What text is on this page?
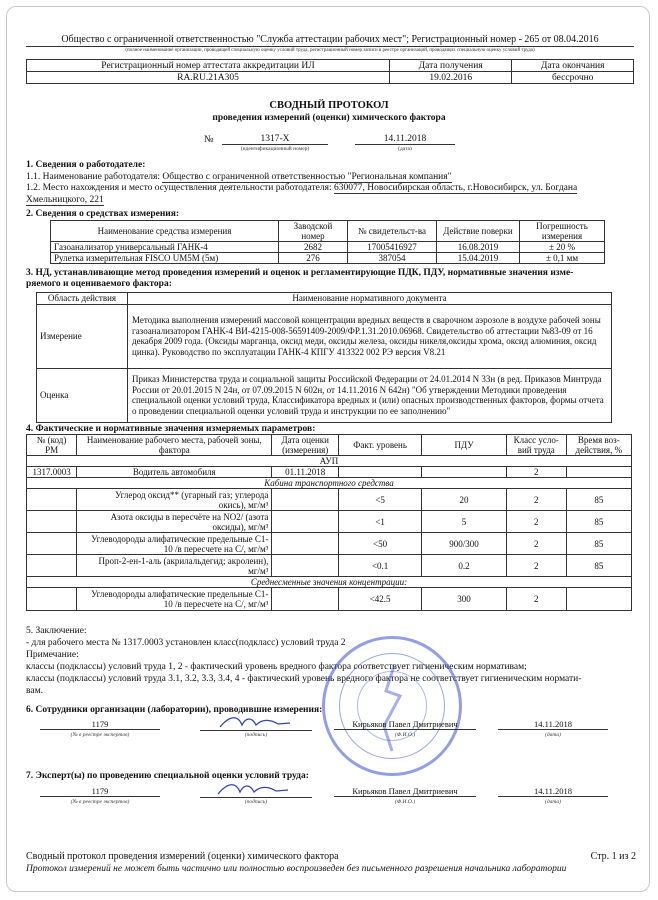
Общество с ограниченной ответственностью "Служба аттестации рабочих мест"; Регистрационный номер - 265 от 08.04.2016
(полное наименование организации, проводящей специальную оценку условий труда, регистрационный номер записи в реестре организаций, проводящих специальную оценку условий труда)
Регистрационный номер аттестата аккредитации ИЛ	Дата получения	Дата окончания
RA.RU.21А305	19.02.2016	бессрочно
СВОДНЫЙ ПРОТОКОЛ
проведения измерений (оценки) химического фактора
№	1317-Х
(идентификационный номер)
14.11.2018
(дата)
1. Сведения о работодателе:
1.1. Наименование работодателя: Общество с ограниченной ответственностью "Региональная компания"
1.2. Место нахождения и место осуществления деятельности работодателя: 630077, Новосибирская область, г.Новосибирск, ул. Богдана
Хмельницкого, 221
2. Сведения о средствах измерения:
Наименование средства измерения	Заводской номер	№ свидетельст-ва	Действие поверки	Погрешность измерения
Газоанализатор универсальный ГАНК-4	2682	17005416927	16.08.2019	± 20 %
Рулетка измерительная FISCO UM5M (5м)	276	387054	15.04.2019	± 0,1 мм
3. НД, устанавливающие метод проведения измерений и оценок и регламентирующие ПДК, ПДУ, нормативные значения изме-
ряемого и оцениваемого фактора:
Область действия	Наименование нормативного документа
Измерение	Методика выполнения измерений массовой концентрации вредных веществ в сварочном аэрозоле в воздухе рабочей зоны газоанализатором ГАНК-4 ВИ-4215-008-56591409-2009/ФР.1.31.2010.06968. Свидетельство об аттестации №83-09 от 16 декабря 2009 года. (Оксиды марганца, оксид меди, оксиды железа, оксиды никеля,оксиды хрома, оксид алюминия, оксид цинка). Руководство по эксплуатации ГАНК-4 КПГУ 413322 002 РЭ версия V8.21
Оценка	Приказ Министерства труда и социальной защиты Российской Федерации от 24.01.2014 N 33н (в ред. Приказов Минтруда России от 20.01.2015 N 24н, от 07.09.2015 N 602н, от 14.11.2016 N 642н) "Об утверждении Методики проведения специальной оценки условий труда, Классификатора вредных и (или) опасных производственных факторов, формы отчета о проведении специальной оценки условий труда и инструкции по ее заполнению"
4. Фактические и нормативные значения измеряемых параметров:
№ (код) РМ	Наименование рабочего места, рабочей зоны, фактора	Дата оценки (измерения)	Факт. уровень	ПДУ	Класс усло-вий труда	Время воз-действия, %
АУП						
1317.0003	Водитель автомобиля	01.11.2018			2	
Кабина транспортного средства						
	Углерод оксид** (угарный газ; углерода
окись), мг/м³		<5	20	2	85
	Азота оксиды в пересчёте на NO2/ (азота
оксиды), мг/м³		<1	5	2	85
	Углеводороды алифатические предельные С1-
10 /в пересчете на С/, мг/м³		<50	900/300	2	85
	Проп-2-ен-1-аль (акрилальдегид; акролеин),
мг/м³		<0.1	0.2	2	85
Среднесменные значения концентрации:						
	Углеводороды алифатические предельные С1-
10 /в пересчете на С/, мг/м³		<42.5	300	2	
5. Заключение:
- для рабочего места № 1317.0003 установлен класс(подкласс) условий труда 2
Примечание:
классы (подклассы) условий труда 1, 2 - фактический уровень вредного фактора соответствует гигиеническим нормативам;
классы (подклассы) условий труда 3.1, 3.2, 3.3, 3.4, 4 - фактический уровень вредного фактора не соответствует гигиеническим нормати-
вам.
6. Сотрудники организации (лаборатории), проводившие измерения:
1179
(№ в реестре экспертов)	(подпись)
Кирьяков Павел Дмитриевич
(Ф.И.О.)
14.11.2018
(дата)
7. Эксперт(ы) по проведению специальной оценки условий труда:
1179
(№ в реестре экспертов)	(подпись)
Кирьяков Павел Дмитриевич
(Ф.И.О.)
14.11.2018
(дата)
Сводный протокол проведения измерений (оценки) химического фактора	Стр. 1 из 2
Протокол измерений не может быть частично или полностью воспроизведен без письменного разрешения начальника лаборатории
